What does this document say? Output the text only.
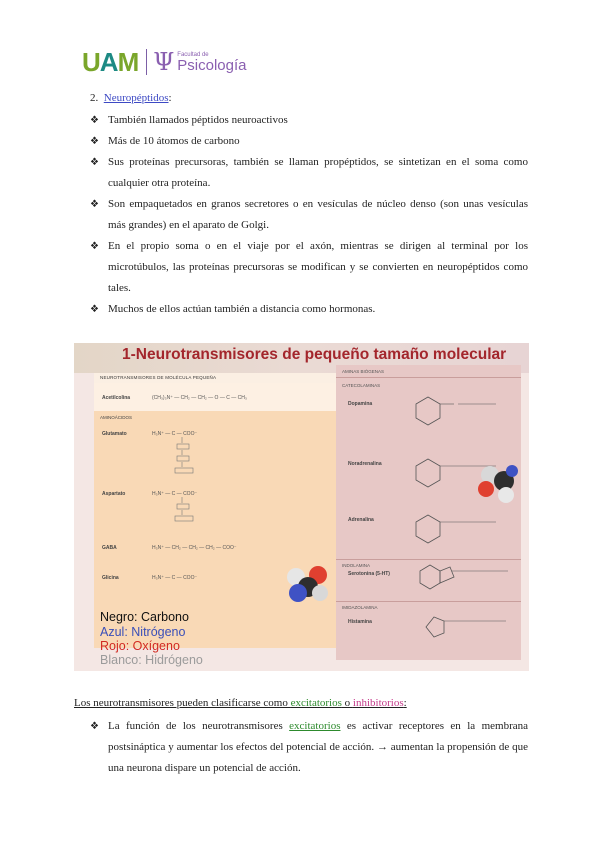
UAM Ψ Facultad de
Psicología
2. Neuropéptidos:
❖ También llamados péptidos neuroactivos
❖ Más de 10 átomos de carbono
❖ Sus proteínas precursoras, también se llaman propéptidos, se sintetizan en el soma como cualquier otra proteína.
❖ Son empaquetados en granos secretores o en vesículas de núcleo denso (son unas vesículas más grandes) en el aparato de Golgi.
❖ En el propio soma o en el viaje por el axón, mientras se dirigen al terminal por los microtúbulos, las proteínas precursoras se modifican y se convierten en neuropéptidos como tales.
❖ Muchos de ellos actúan también a distancia como hormonas.
1-Neurotransmisores de pequeño tamaño molecular
NEUROTRANSMISORES DE MOLÉCULA PEQUEÑA
Acetilcolina	(CH₃)₃N⁺ — CH₂ — CH₂ — O — C — CH₃
AMINOÁCIDOS
Glutamato	H₃N⁺ — C — COO⁻
Aspartato	H₃N⁺ — C — COO⁻
GABA	H₃N⁺ — CH₂ — CH₂ — CH₂ — COO⁻
Glicina	H₃N⁺ — C — COO⁻
AMINAS BIÓGENAS
CATECOLAMINAS
Dopamina
Noradrenalina
Adrenalina
INDOLAMINA
Serotonina (5-HT)
IMIDAZOLAMINA
Histamina
Negro: Carbono
Azul: Nitrógeno
Rojo: Oxígeno
Blanco: Hidrógeno
Los neurotransmisores pueden clasificarse como excitatorios o inhibitorios:
❖ La función de los neurotransmisores excitatorios es activar receptores en la membrana postsináptica y aumentar los efectos del potencial de acción. → aumentan la propensión de que una neurona dispare un potencial de acción.
